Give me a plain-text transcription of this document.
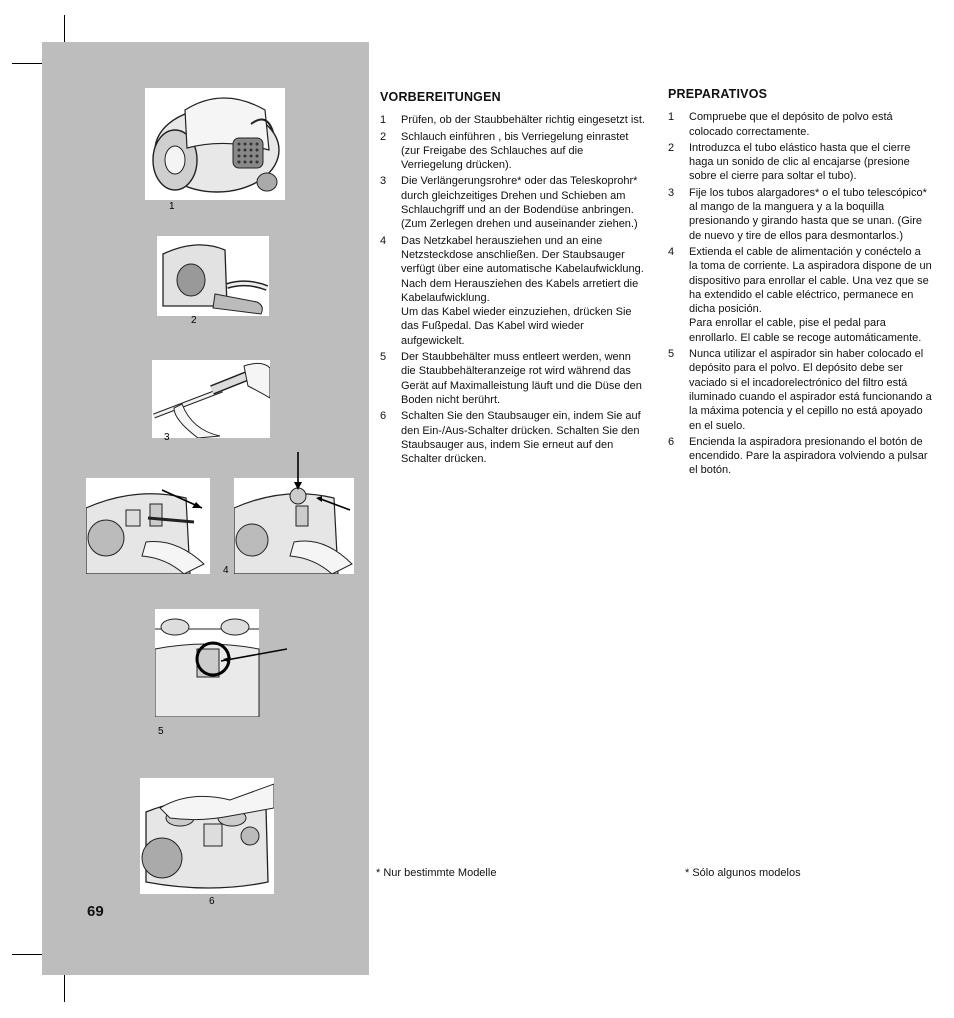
1
2
3
4
5
6
69
VORBEREITUNGEN
1 Prüfen, ob der Staubbehälter richtig eingesetzt ist.

2 Schlauch einführen , bis Verriegelung einrastet (zur Freigabe des Schlauches auf die Verriegelung drücken).

3 Die Verlängerungsrohre* oder das Teleskoprohr* durch gleichzeitiges Drehen und Schieben am Schlauchgriff und an der Bodendüse anbringen. (Zum Zerlegen drehen und auseinander ziehen.)

4 Das Netzkabel herausziehen und an eine Netzsteckdose anschließen. Der Staubsauger verfügt über eine automatische Kabelaufwicklung. Nach dem Herausziehen des Kabels arretiert die Kabelaufwicklung.

Um das Kabel wieder einzuziehen, drücken Sie das Fußpedal. Das Kabel wird wieder aufgewickelt.

5 Der Staubbehälter muss entleert werden, wenn die Staubbehälteranzeige rot wird während das Gerät auf Maximalleistung läuft und die Düse den Boden nicht berührt.

6 Schalten Sie den Staubsauger ein, indem Sie auf den Ein-/Aus-Schalter drücken. Schalten Sie den Staubsauger aus, indem Sie erneut auf den Schalter drücken.

PREPARATIVOS
1 Compruebe que el depósito de polvo está colocado correctamente.

2 Introduzca el tubo elástico hasta que el cierre haga un sonido de clic al encajarse (presione sobre el cierre para soltar el tubo).

3 Fije los tubos alargadores* o el tubo telescópico* al mango de la manguera y a la boquilla presionando y girando hasta que se unan. (Gire de nuevo y tire de ellos para desmontarlos.)

4 Extienda el cable de alimentación y conéctelo a la toma de corriente. La aspiradora dispone de un dispositivo para enrollar el cable. Una vez que se ha extendido el cable eléctrico, permanece en dicha posición.

Para enrollar el cable, pise el pedal para enrollarlo. El cable se recoge automáticamente.

5 Nunca utilizar el aspirador sin haber colocado el depósito para el polvo. El depósito debe ser vaciado si el incadorelectrónico del filtro está iluminado cuando el aspirador está funcionando a la máxima potencia y el cepillo no está apoyado en el suelo.

6 Encienda la aspiradora presionando el botón de encendido. Pare la aspiradora volviendo a pulsar el botón.

* Nur bestimmte Modelle	* Sólo algunos modelos
